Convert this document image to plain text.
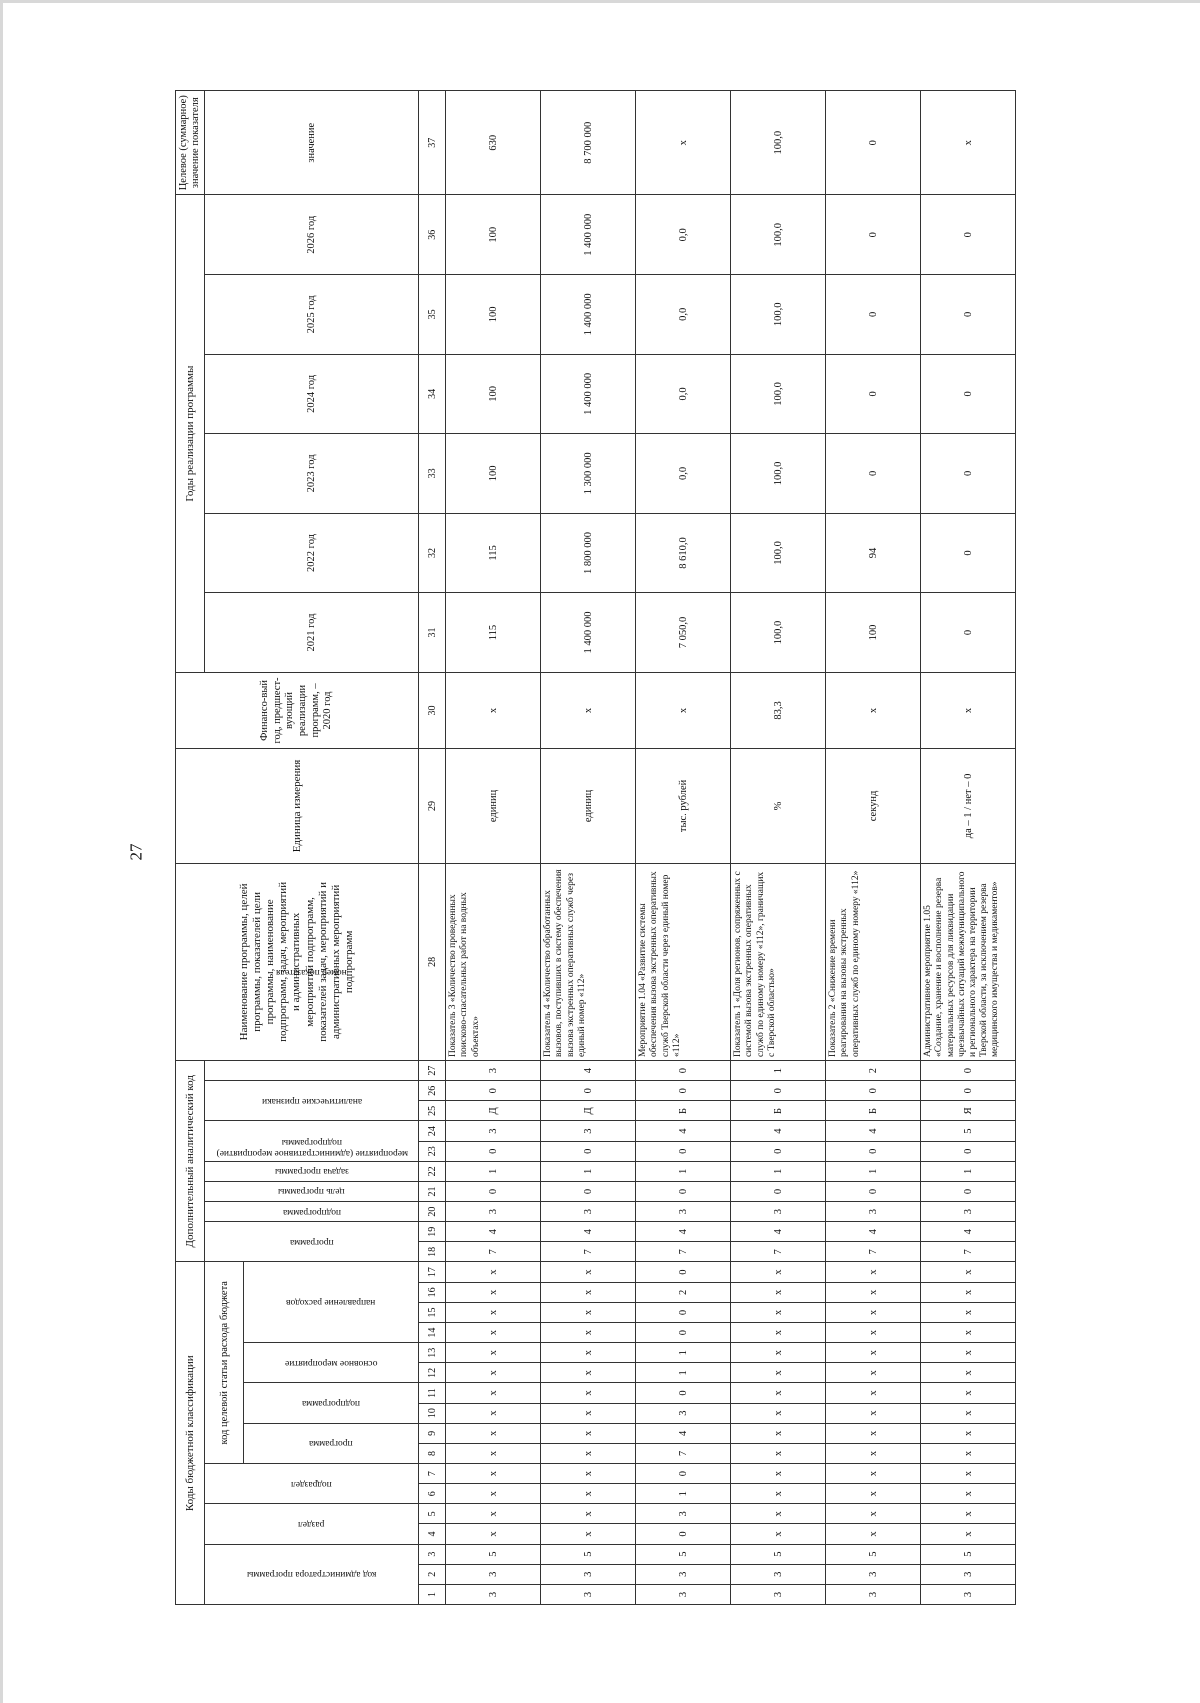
27
Коды бюджетной классификации																	Дополнительный аналитический код										Наименование программы, целей программы, показателей цели программы, наименование подпрограмм, задач, мероприятий и административных мероприятий подпрограмм, показателей задач, мероприятий и административных мероприятий подпрограмм	Единица измерения	Финансо-вый год, предшест-вующий реализации программ, – 2020 год	Годы реализации программы						Целевое (суммарное) значение показателя

код администратора программы			раздел		подраздел		код целевой статьи расхода бюджета										программа		подпрограмма	цель программы	задача программы	мероприятие (административное мероприятие) подпрограммы		аналитические признаки		номер показателя				2021 год	2022 год	2023 год	2024 год	2025 год	2026 год	значение

							программа		подпрограмма		основное мероприятие		направление расходов																							

1	2	3	4	5	6	7	8	9	10	11	12	13	14	15	16	17	18	19	20	21	22	23	24	25	26	27	28	29	30	31	32	33	34	35	36	37
3	3	5	x	x	x	x	x	x	x	x	x	x	x	x	x	x	7	4	3	0	1	0	3	Д	0	3	Показатель 3 «Количество проведенных поисково-спасательных работ на водных объектах»	единиц	x	115	115	100	100	100	100	630
3	3	5	x	x	x	x	x	x	x	x	x	x	x	x	x	x	7	4	3	0	1	0	3	Д	0	4	Показатель 4 «Количество обработанных вызовов, поступивших в систему обеспечения вызова экстренных оперативных служб через единый номер «112»	единиц	x	1 400 000	1 800 000	1 300 000	1 400 000	1 400 000	1 400 000	8 700 000
3	3	5	0	3	1	0	7	4	3	0	1	1	0	0	2	0	7	4	3	0	1	0	4	Б	0	0	Мероприятие 1.04 «Развитие системы обеспечения вызова экстренных оперативных служб Тверской области через единый номер «112»	тыс. рублей	x	7 050,0	8 610,0	0,0	0,0	0,0	0,0	x
3	3	5	x	x	x	x	x	x	x	x	x	x	x	x	x	x	7	4	3	0	1	0	4	Б	0	1	Показатель 1 «Доля регионов, сопряженных с системой вызова экстренных оперативных служб по единому номеру «112», граничащих с Тверской областью»	%	83,3	100,0	100,0	100,0	100,0	100,0	100,0	100,0
3	3	5	x	x	x	x	x	x	x	x	x	x	x	x	x	x	7	4	3	0	1	0	4	Б	0	2	Показатель 2 «Снижение времени реагирования на вызовы экстренных оперативных служб по единому номеру «112»	секунд	x	100	94	0	0	0	0	0
3	3	5	x	x	x	x	x	x	x	x	x	x	x	x	x	x	7	4	3	0	1	0	5	Я	0	0	Административное мероприятие 1.05 «Создание, хранение и восполнение резерва материальных ресурсов для ликвидации чрезвычайных ситуаций межмуниципального и регионального характера на территории Тверской области, за исключением резерва медицинского имущества и медикаментов»	да – 1 / нет – 0	x	0	0	0	0	0	0	x
